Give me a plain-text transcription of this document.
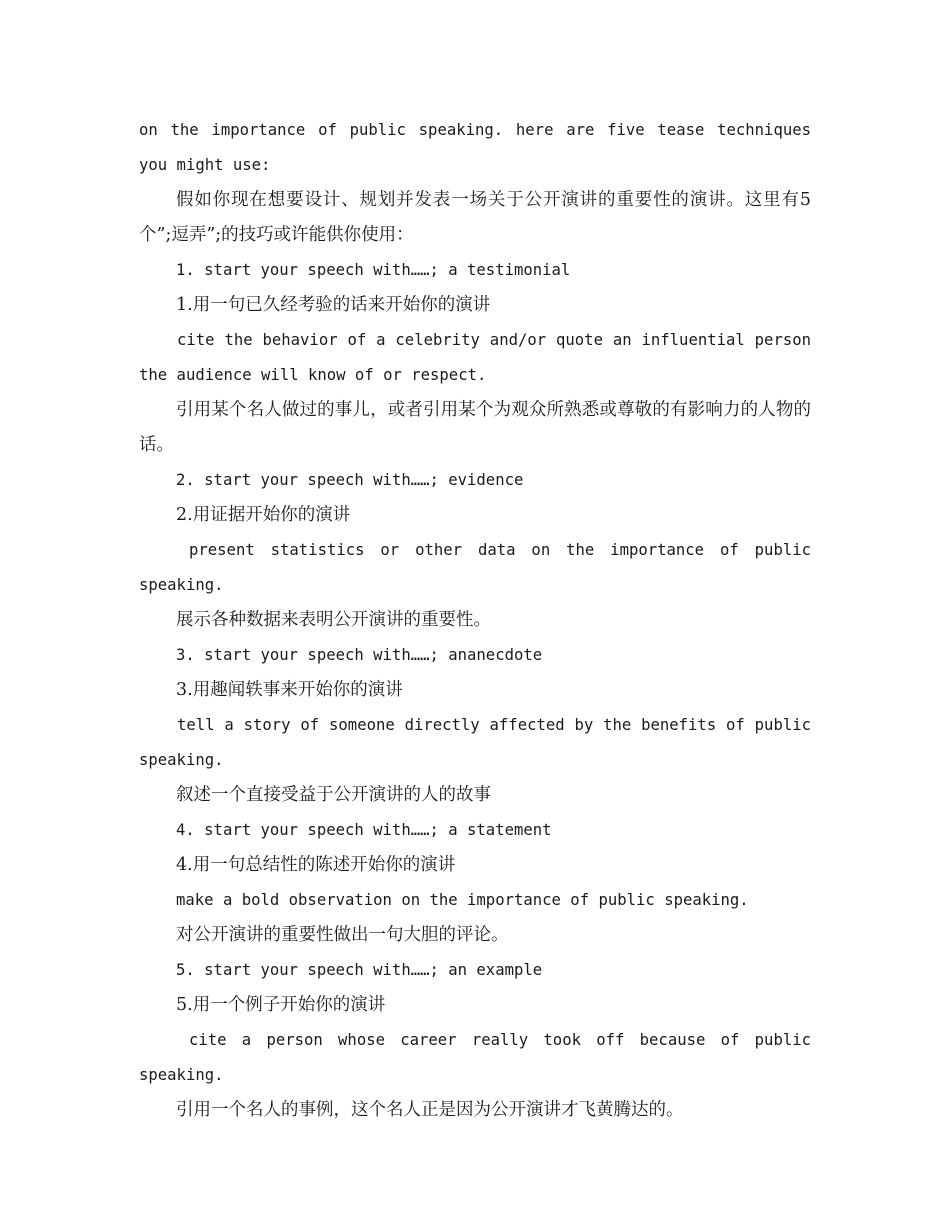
on the importance of public speaking. here are five tease techniques you might use:

假如你现在想要设计、规划并发表一场关于公开演讲的重要性的演讲。这里有5个”;逗弄”;的技巧或许能供你使用：

1. start your speech with……; a testimonial

1.用一句已久经考验的话来开始你的演讲

cite the behavior of a celebrity and/or quote an influential person the audience will know of or respect.

引用某个名人做过的事儿，或者引用某个为观众所熟悉或尊敬的有影响力的人物的话。

2. start your speech with……; evidence

2.用证据开始你的演讲

present statistics or other data on the importance of public speaking.

展示各种数据来表明公开演讲的重要性。

3. start your speech with……; ananecdote

3.用趣闻轶事来开始你的演讲

tell a story of someone directly affected by the benefits of public speaking.

叙述一个直接受益于公开演讲的人的故事

4. start your speech with……; a statement

4.用一句总结性的陈述开始你的演讲

make a bold observation on the importance of public speaking.

对公开演讲的重要性做出一句大胆的评论。

5. start your speech with……; an example

5.用一个例子开始你的演讲

cite a person whose career really took off because of public speaking.

引用一个名人的事例，这个名人正是因为公开演讲才飞黄腾达的。
